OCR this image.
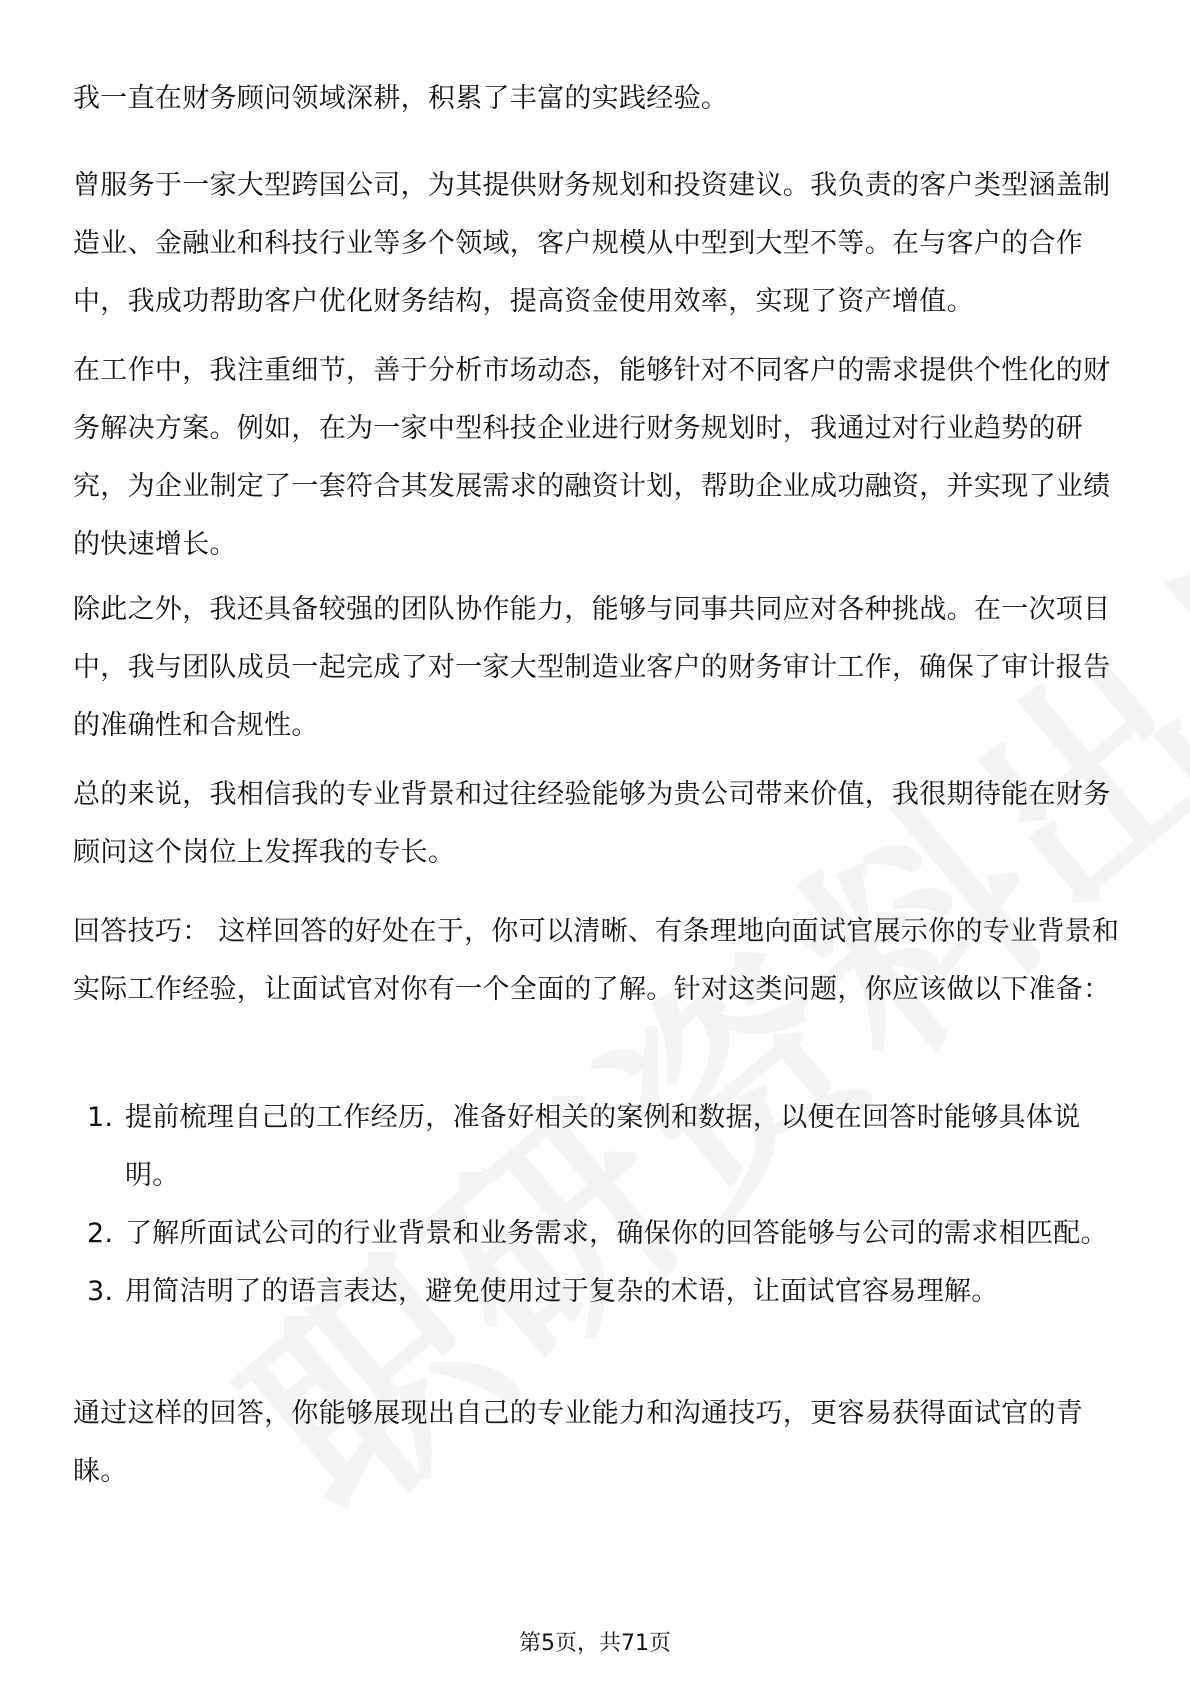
我一直在财务顾问领域深耕，积累了丰富的实践经验。

曾服务于一家大型跨国公司，为其提供财务规划和投资建议。我负责的客户类型涵盖制造业、金融业和科技行业等多个领域，客户规模从中型到大型不等。在与客户的合作中，我成功帮助客户优化财务结构，提高资金使用效率，实现了资产增值。

在工作中，我注重细节，善于分析市场动态，能够针对不同客户的需求提供个性化的财务解决方案。例如，在为一家中型科技企业进行财务规划时，我通过对行业趋势的研究，为企业制定了一套符合其发展需求的融资计划，帮助企业成功融资，并实现了业绩的快速增长。

除此之外，我还具备较强的团队协作能力，能够与同事共同应对各种挑战。在一次项目中，我与团队成员一起完成了对一家大型制造业客户的财务审计工作，确保了审计报告的准确性和合规性。

总的来说，我相信我的专业背景和过往经验能够为贵公司带来价值，我很期待能在财务顾问这个岗位上发挥我的专长。

回答技巧： 这样回答的好处在于，你可以清晰、有条理地向面试官展示你的专业背景和实际工作经验，让面试官对你有一个全面的了解。针对这类问题，你应该做以下准备：

1. 提前梳理自己的工作经历，准备好相关的案例和数据，以便在回答时能够具体说明。
2. 了解所面试公司的行业背景和业务需求，确保你的回答能够与公司的需求相匹配。
3. 用简洁明了的语言表达，避免使用过于复杂的术语，让面试官容易理解。

通过这样的回答，你能够展现出自己的专业能力和沟通技巧，更容易获得面试官的青睐。

第5页，共71页
